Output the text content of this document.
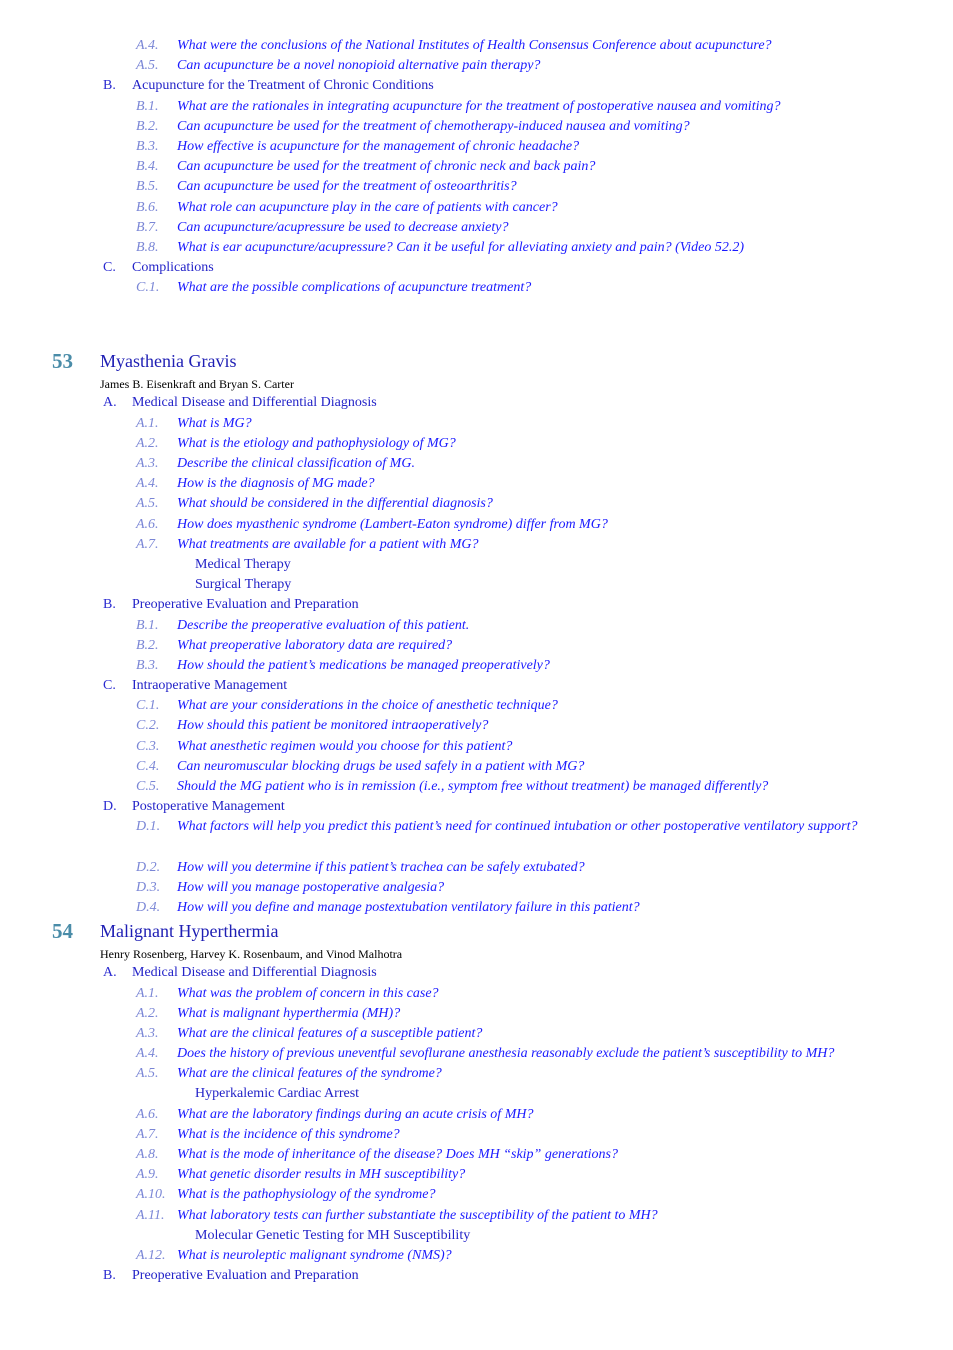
A.4. What were the conclusions of the National Institutes of Health Consensus Conference about acupuncture?
A.5. Can acupuncture be a novel nonopioid alternative pain therapy?
B. Acupuncture for the Treatment of Chronic Conditions
B.1. What are the rationales in integrating acupuncture for the treatment of postoperative nausea and vomiting?
B.2. Can acupuncture be used for the treatment of chemotherapy-induced nausea and vomiting?
B.3. How effective is acupuncture for the management of chronic headache?
B.4. Can acupuncture be used for the treatment of chronic neck and back pain?
B.5. Can acupuncture be used for the treatment of osteoarthritis?
B.6. What role can acupuncture play in the care of patients with cancer?
B.7. Can acupuncture/acupressure be used to decrease anxiety?
B.8. What is ear acupuncture/acupressure? Can it be useful for alleviating anxiety and pain? (Video 52.2)
C. Complications
C.1. What are the possible complications of acupuncture treatment?
53 Myasthenia Gravis
James B. Eisenkraft and Bryan S. Carter
A. Medical Disease and Differential Diagnosis
A.1. What is MG?
A.2. What is the etiology and pathophysiology of MG?
A.3. Describe the clinical classification of MG.
A.4. How is the diagnosis of MG made?
A.5. What should be considered in the differential diagnosis?
A.6. How does myasthenic syndrome (Lambert-Eaton syndrome) differ from MG?
A.7. What treatments are available for a patient with MG?
Medical Therapy
Surgical Therapy
B. Preoperative Evaluation and Preparation
B.1. Describe the preoperative evaluation of this patient.
B.2. What preoperative laboratory data are required?
B.3. How should the patient’s medications be managed preoperatively?
C. Intraoperative Management
C.1. What are your considerations in the choice of anesthetic technique?
C.2. How should this patient be monitored intraoperatively?
C.3. What anesthetic regimen would you choose for this patient?
C.4. Can neuromuscular blocking drugs be used safely in a patient with MG?
C.5. Should the MG patient who is in remission (i.e., symptom free without treatment) be managed differently?
D. Postoperative Management
D.1. What factors will help you predict this patient’s need for continued intubation or other postoperative ventilatory support?
D.2. How will you determine if this patient’s trachea can be safely extubated?
D.3. How will you manage postoperative analgesia?
D.4. How will you define and manage postextubation ventilatory failure in this patient?
54 Malignant Hyperthermia
Henry Rosenberg, Harvey K. Rosenbaum, and Vinod Malhotra
A. Medical Disease and Differential Diagnosis
A.1. What was the problem of concern in this case?
A.2. What is malignant hyperthermia (MH)?
A.3. What are the clinical features of a susceptible patient?
A.4. Does the history of previous uneventful sevoflurane anesthesia reasonably exclude the patient’s susceptibility to MH?
A.5. What are the clinical features of the syndrome?
Hyperkalemic Cardiac Arrest
A.6. What are the laboratory findings during an acute crisis of MH?
A.7. What is the incidence of this syndrome?
A.8. What is the mode of inheritance of the disease? Does MH “skip” generations?
A.9. What genetic disorder results in MH susceptibility?
A.10. What is the pathophysiology of the syndrome?
A.11. What laboratory tests can further substantiate the susceptibility of the patient to MH?
Molecular Genetic Testing for MH Susceptibility
A.12. What is neuroleptic malignant syndrome (NMS)?
B. Preoperative Evaluation and Preparation
